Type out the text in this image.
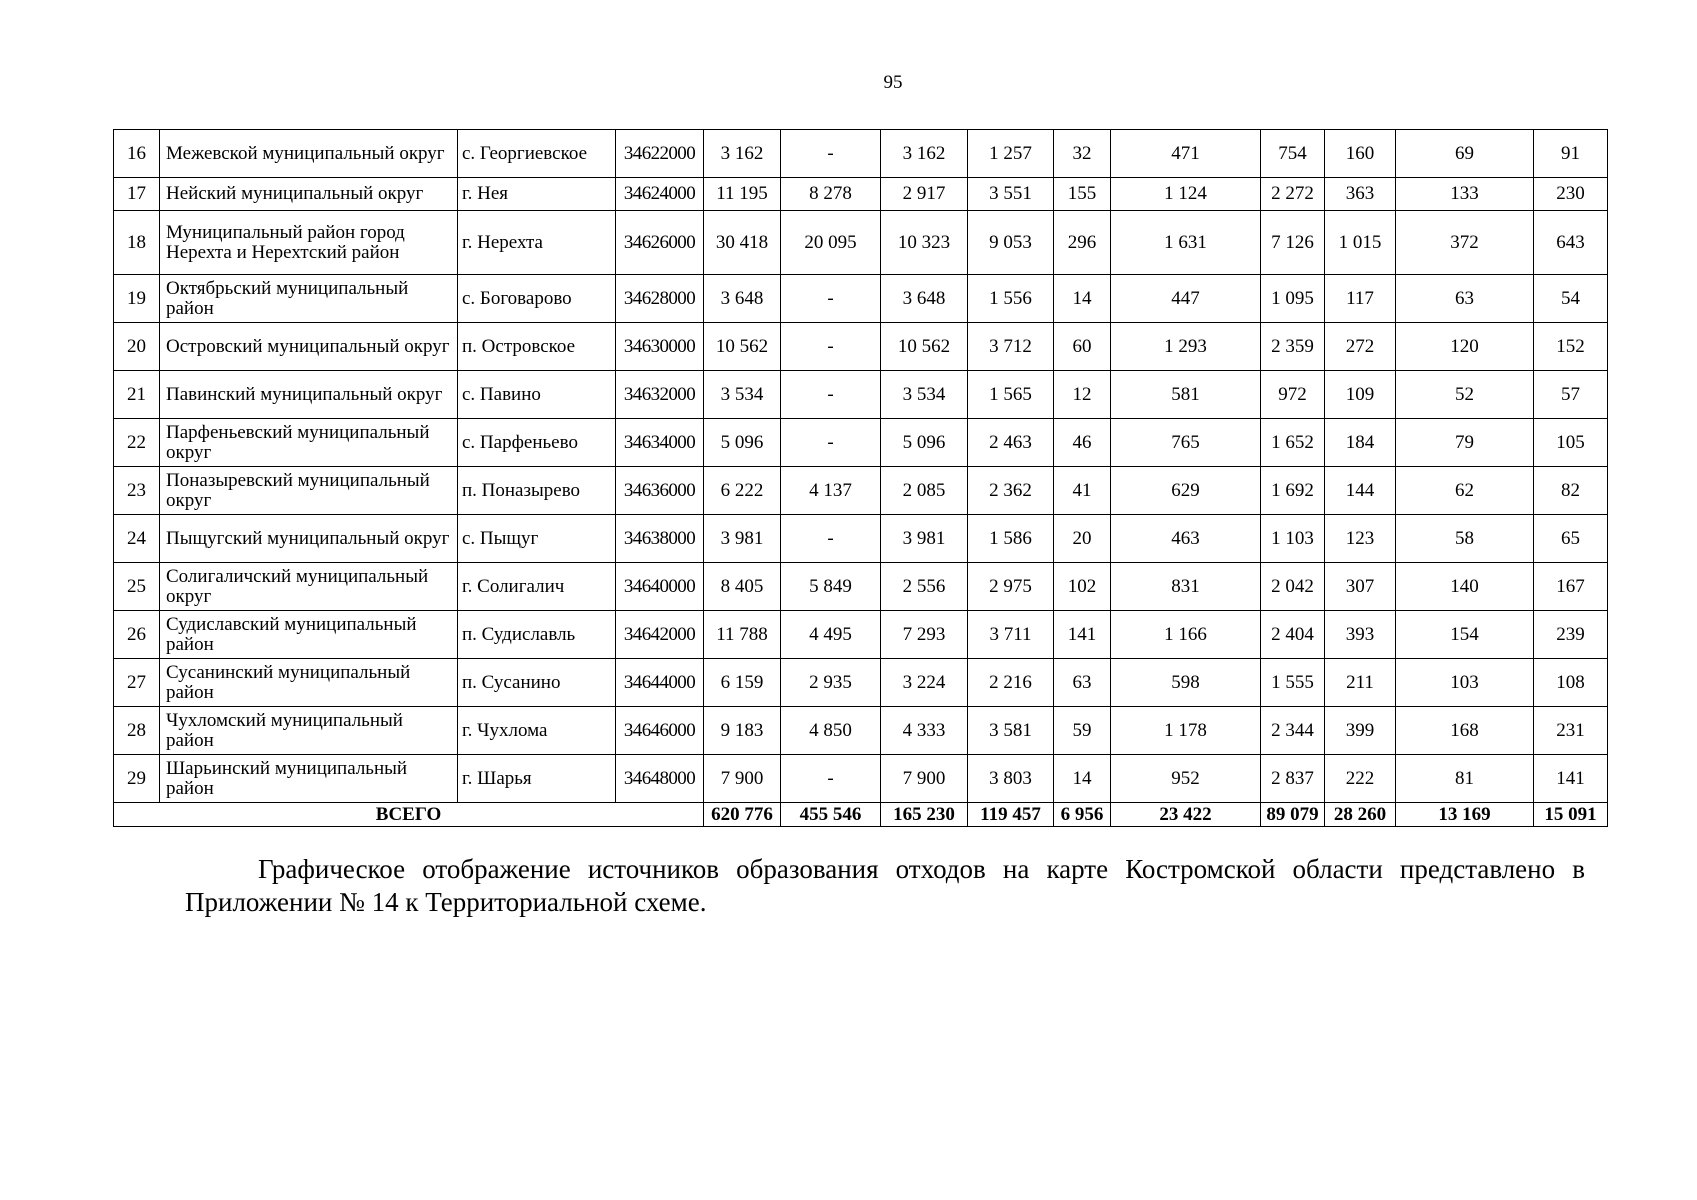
95
16	Межевской муниципальный округ	с. Георгиевское	34622000	3 162	-	3 162	1 257	32	471	754	160	69	91
17	Нейский муниципальный округ	г. Нея	34624000	11 195	8 278	2 917	3 551	155	1 124	2 272	363	133	230
18	Муниципальный район город Нерехта и Нерехтский район	г. Нерехта	34626000	30 418	20 095	10 323	9 053	296	1 631	7 126	1 015	372	643
19	Октябрьский муниципальный район	с. Боговарово	34628000	3 648	-	3 648	1 556	14	447	1 095	117	63	54
20	Островский муниципальный округ	п. Островское	34630000	10 562	-	10 562	3 712	60	1 293	2 359	272	120	152
21	Павинский муниципальный округ	с. Павино	34632000	3 534	-	3 534	1 565	12	581	972	109	52	57
22	Парфеньевский муниципальный округ	с. Парфеньево	34634000	5 096	-	5 096	2 463	46	765	1 652	184	79	105
23	Поназыревский муниципальный округ	п. Поназырево	34636000	6 222	4 137	2 085	2 362	41	629	1 692	144	62	82
24	Пыщугский муниципальный округ	с. Пыщуг	34638000	3 981	-	3 981	1 586	20	463	1 103	123	58	65
25	Солигаличский муниципальный округ	г. Солигалич	34640000	8 405	5 849	2 556	2 975	102	831	2 042	307	140	167
26	Судиславский муниципальный район	п. Судиславль	34642000	11 788	4 495	7 293	3 711	141	1 166	2 404	393	154	239
27	Сусанинский муниципальный район	п. Сусанино	34644000	6 159	2 935	3 224	2 216	63	598	1 555	211	103	108
28	Чухломский муниципальный район	г. Чухлома	34646000	9 183	4 850	4 333	3 581	59	1 178	2 344	399	168	231
29	Шарьинский муниципальный район	г. Шарья	34648000	7 900	-	7 900	3 803	14	952	2 837	222	81	141
ВСЕГО				620 776	455 546	165 230	119 457	6 956	23 422	89 079	28 260	13 169	15 091
Графическое отображение источников образования отходов на карте Костромской области представлено в Приложении № 14 к Территориальной схеме.
